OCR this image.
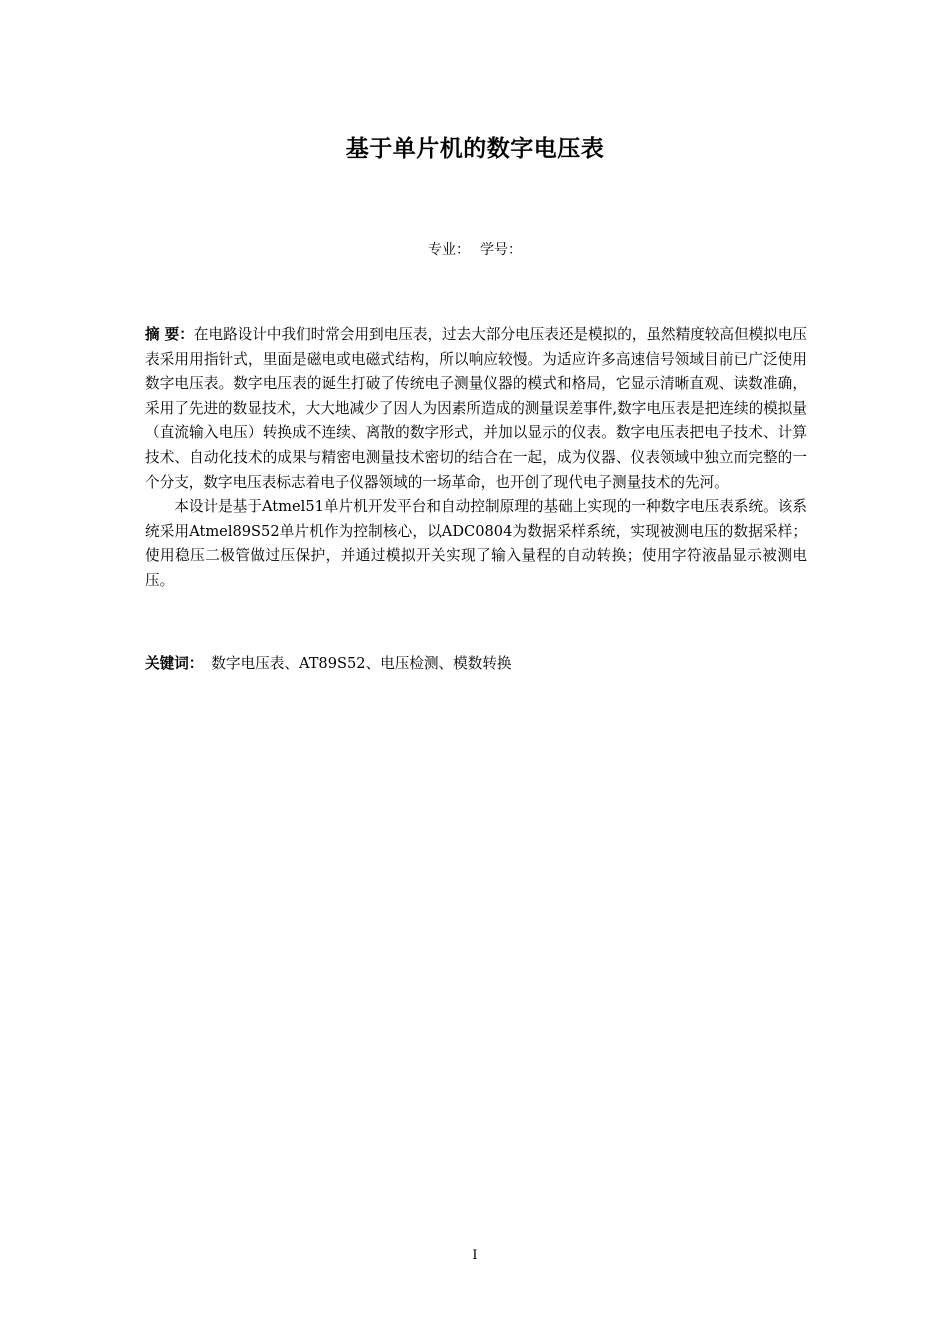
基于单片机的数字电压表
专业： 学号：

摘 要：在电路设计中我们时常会用到电压表，过去大部分电压表还是模拟的，虽然精度较高但模拟电压表采用用指针式，里面是磁电或电磁式结构，所以响应较慢。为适应许多高速信号领域目前已广泛使用数字电压表。数字电压表的诞生打破了传统电子测量仪器的模式和格局，它显示清晰直观、读数准确，采用了先进的数显技术，大大地减少了因人为因素所造成的测量误差事件,数字电压表是把连续的模拟量（直流输入电压）转换成不连续、离散的数字形式，并加以显示的仪表。数字电压表把电子技术、计算技术、自动化技术的成果与精密电测量技术密切的结合在一起，成为仪器、仪表领域中独立而完整的一个分支，数字电压表标志着电子仪器领域的一场革命，也开创了现代电子测量技术的先河。

本设计是基于Atmel51单片机开发平台和自动控制原理的基础上实现的一种数字电压表系统。该系统采用Atmel89S52单片机作为控制核心，以ADC0804为数据采样系统，实现被测电压的数据采样；使用稳压二极管做过压保护，并通过模拟开关实现了输入量程的自动转换；使用字符液晶显示被测电压。

关键词： 数字电压表、AT89S52、电压检测、模数转换
I
